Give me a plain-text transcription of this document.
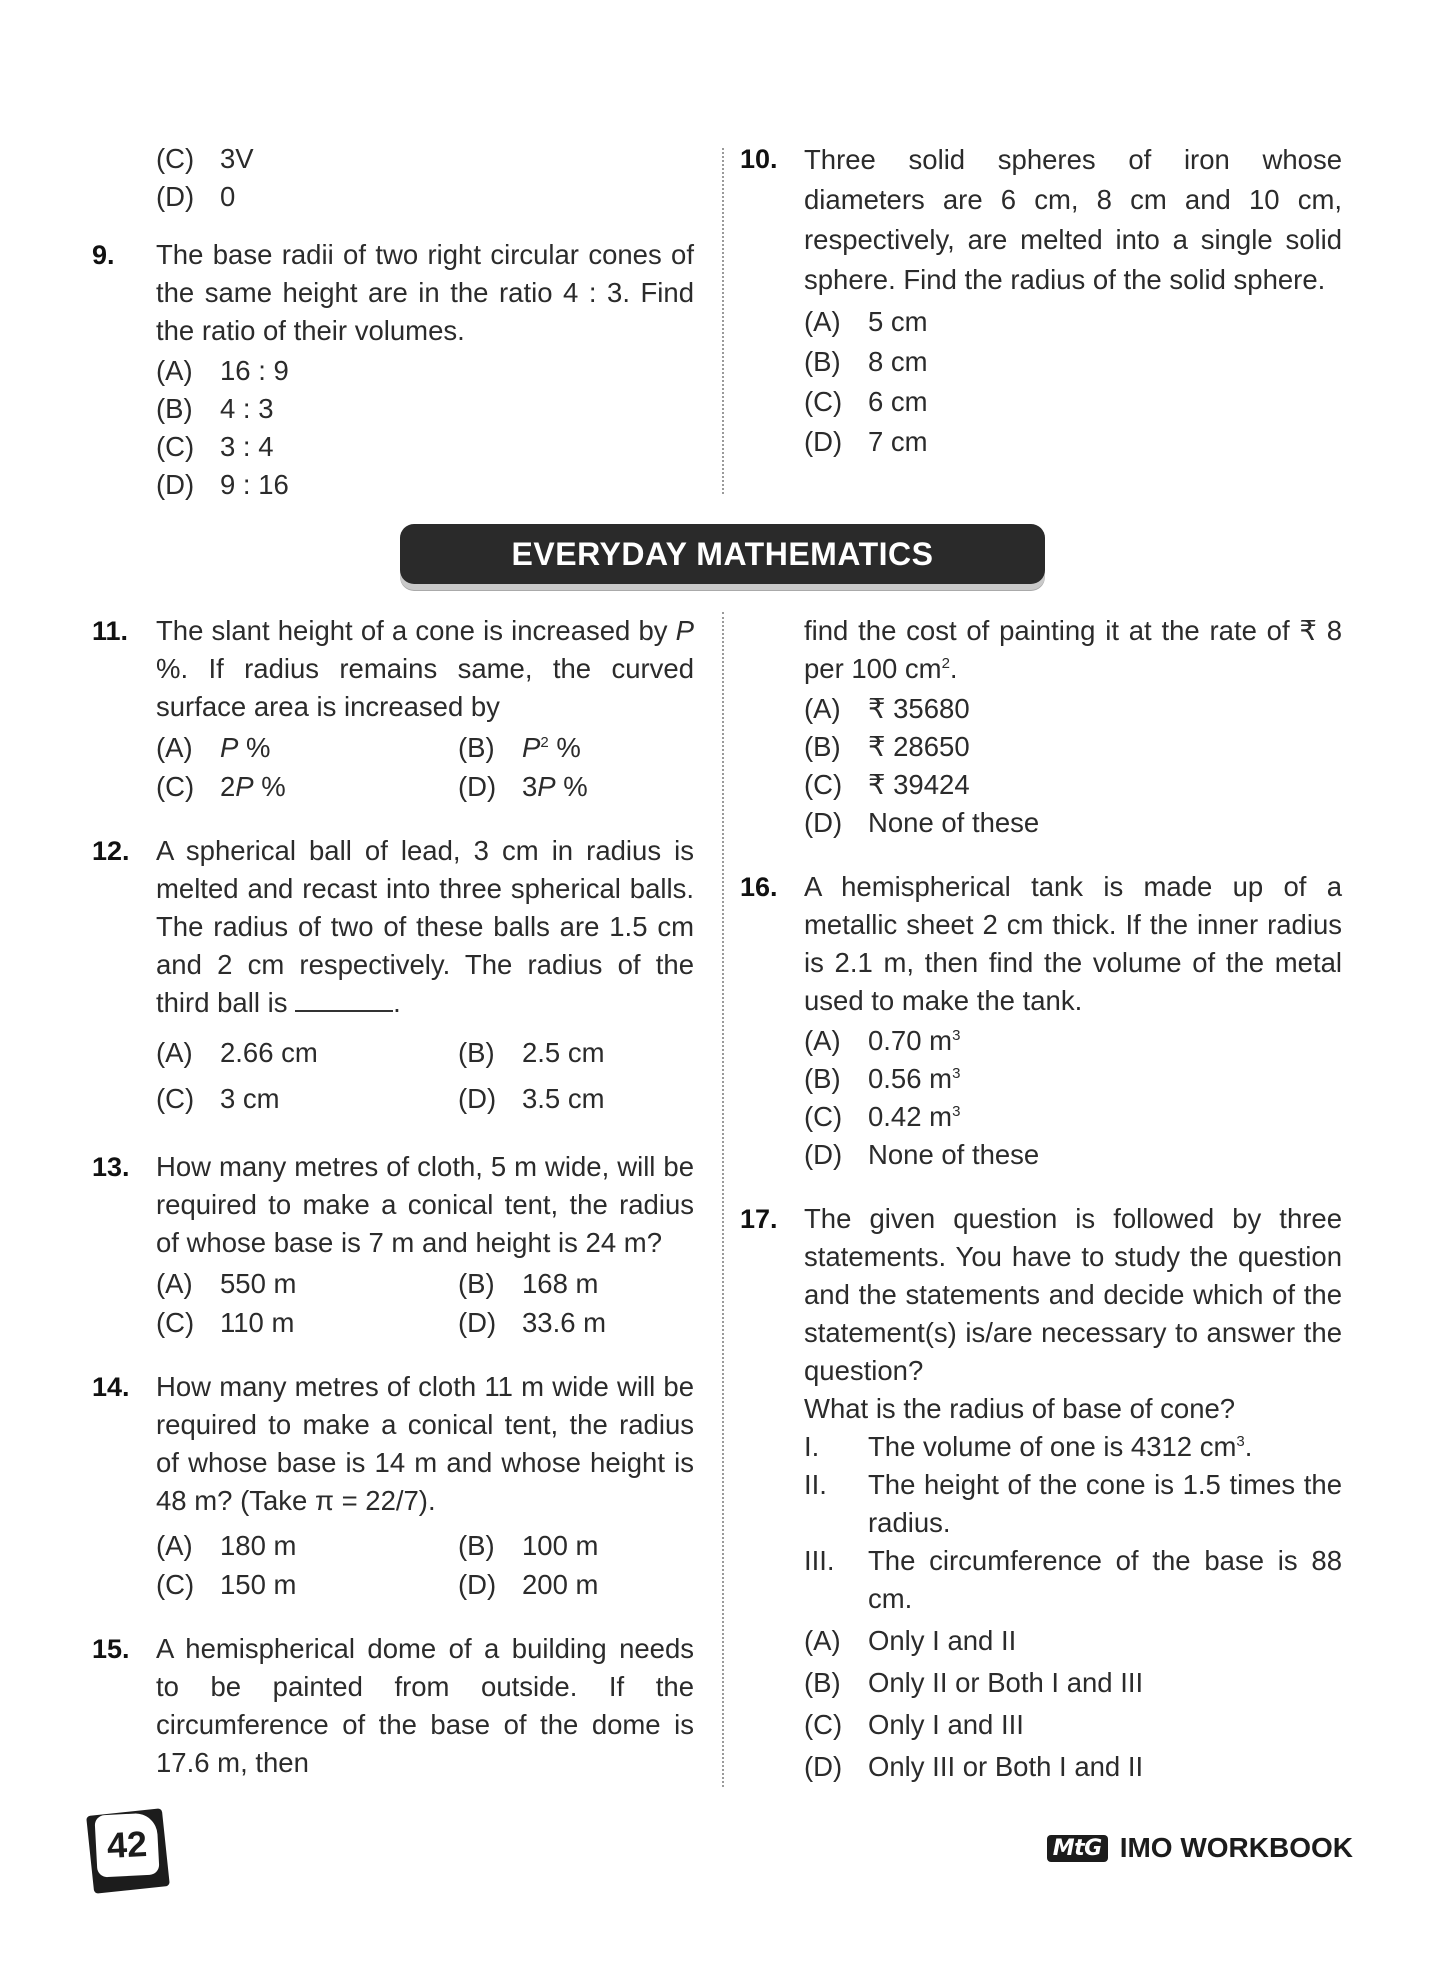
(C) 3V
(D) 0
9. The base radii of two right circular cones of the same height are in the ratio 4 : 3. Find the ratio of their volumes.
(A) 16 : 9
(B) 4 : 3
(C) 3 : 4
(D) 9 : 16
10. Three solid spheres of iron whose diameters are 6 cm, 8 cm and 10 cm, respectively, are melted into a single solid sphere. Find the radius of the solid sphere.
(A) 5 cm
(B) 8 cm
(C) 6 cm
(D) 7 cm
EVERYDAY MATHEMATICS
11. The slant height of a cone is increased by P %. If radius remains same, the curved surface area is increased by
(A) P %	(B) $P^2$ %
(C) 2P %	(D) 3P %
12. A spherical ball of lead, 3 cm in radius is melted and recast into three spherical balls. The radius of two of these balls are 1.5 cm and 2 cm respectively. The radius of the third ball is	.
(A) 2.66 cm	(B) 2.5 cm
(C) 3 cm	(D) 3.5 cm
13. How many metres of cloth, 5 m wide, will be required to make a conical tent, the radius of whose base is 7 m and height is 24 m?
(A) 550 m	(B) 168 m
(C) 110 m	(D) 33.6 m
14. How many metres of cloth 11 m wide will be required to make a conical tent, the radius of whose base is 14 m and whose height is 48 m? (Take π = 22/7).
(A) 180 m	(B) 100 m
(C) 150 m	(D) 200 m
15. A hemispherical dome of a building needs to be painted from outside. If the circumference of the base of the dome is 17.6 m, then
find the cost of painting it at the rate of ₹ 8 per 100 $cm^2$.
(A) ₹ 35680
(B) ₹ 28650
(C) ₹ 39424
(D) None of these
16. A hemispherical tank is made up of a metallic sheet 2 cm thick. If the inner radius is 2.1 m, then find the volume of the metal used to make the tank.
(A) 0.70 $m^3$
(B) 0.56 $m^3$
(C) 0.42 $m^3$
(D) None of these
17. The given question is followed by three statements. You have to study the question and the statements and decide which of the statement(s) is/are necessary to answer the question?
What is the radius of base of cone?
I.	The volume of one is 4312 $cm^3$.
II.	The height of the cone is 1.5 times the radius.
III.	The circumference of the base is 88 cm.
(A) Only I and II
(B) Only II or Both I and III
(C) Only I and III
(D) Only III or Both I and II
42	MtG IMO WORKBOOK
